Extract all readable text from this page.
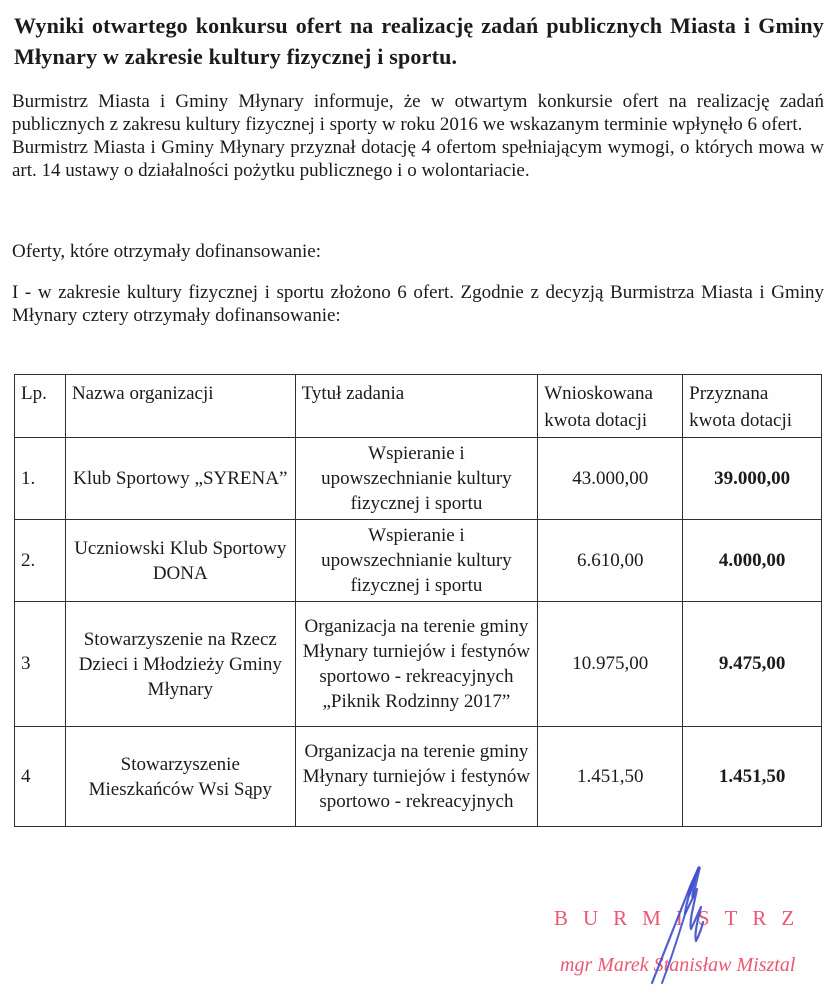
Wyniki otwartego konkursu ofert na realizację zadań publicznych Miasta i Gminy Młynary w zakresie kultury fizycznej i sportu.

Burmistrz Miasta i Gminy Młynary informuje, że w otwartym konkursie ofert na realizację zadań publicznych z zakresu kultury fizycznej i sporty w roku 2016 we wskazanym terminie wpłynęło 6 ofert.

Burmistrz Miasta i Gminy Młynary przyznał dotację 4 ofertom spełniającym wymogi, o których mowa w art. 14 ustawy o działalności pożytku publicznego i o wolontariacie.

Oferty, które otrzymały dofinansowanie:
I - w zakresie kultury fizycznej i sportu złożono 6 ofert. Zgodnie z decyzją Burmistrza Miasta i Gminy Młynary cztery otrzymały dofinansowanie:
Lp.	Nazwa organizacji	Tytuł zadania	Wnioskowana kwota dotacji	Przyznana kwota dotacji
1.	Klub Sportowy „SYRENA”	Wspieranie i upowszechnianie kultury fizycznej i sportu	43.000,00	39.000,00
2.	Uczniowski Klub Sportowy DONA	Wspieranie i upowszechnianie kultury fizycznej i sportu	6.610,00	4.000,00
3	Stowarzyszenie na Rzecz Dzieci i Młodzieży Gminy Młynary	Organizacja na terenie gminy Młynary turniejów i festynów sportowo - rekreacyjnych „Piknik Rodzinny 2017”	10.975,00	9.475,00
4	Stowarzyszenie Mieszkańców Wsi Sąpy	Organizacja na terenie gminy Młynary turniejów i festynów sportowo - rekreacyjnych	1.451,50	1.451,50
BURMISTRZ
mgr Marek Stanisław Misztal
